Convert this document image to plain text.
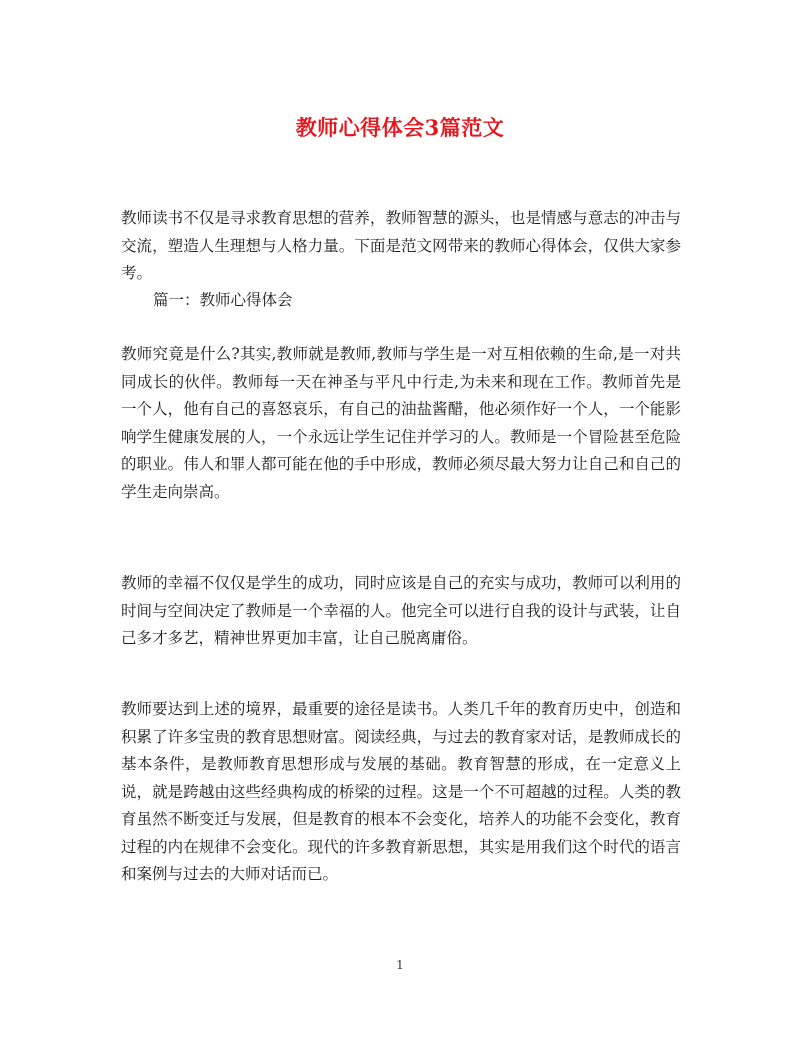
教师心得体会3篇范文

教师读书不仅是寻求教育思想的营养，教师智慧的源头，也是情感与意志的冲击与交流，塑造人生理想与人格力量。下面是范文网带来的教师心得体会，仅供大家参考。

篇一：教师心得体会

教师究竟是什么?其实,教师就是教师,教师与学生是一对互相依赖的生命,是一对共同成长的伙伴。教师每一天在神圣与平凡中行走,为未来和现在工作。教师首先是一个人，他有自己的喜怒哀乐，有自己的油盐酱醋，他必须作好一个人，一个能影响学生健康发展的人，一个永远让学生记住并学习的人。教师是一个冒险甚至危险的职业。伟人和罪人都可能在他的手中形成，教师必须尽最大努力让自己和自己的学生走向崇高。

教师的幸福不仅仅是学生的成功，同时应该是自己的充实与成功，教师可以利用的时间与空间决定了教师是一个幸福的人。他完全可以进行自我的设计与武装，让自己多才多艺，精神世界更加丰富，让自己脱离庸俗。

教师要达到上述的境界，最重要的途径是读书。人类几千年的教育历史中，创造和积累了许多宝贵的教育思想财富。阅读经典，与过去的教育家对话，是教师成长的基本条件，是教师教育思想形成与发展的基础。教育智慧的形成，在一定意义上说，就是跨越由这些经典构成的桥梁的过程。这是一个不可超越的过程。人类的教育虽然不断变迁与发展，但是教育的根本不会变化，培养人的功能不会变化，教育过程的内在规律不会变化。现代的许多教育新思想，其实是用我们这个时代的语言和案例与过去的大师对话而已。

1
